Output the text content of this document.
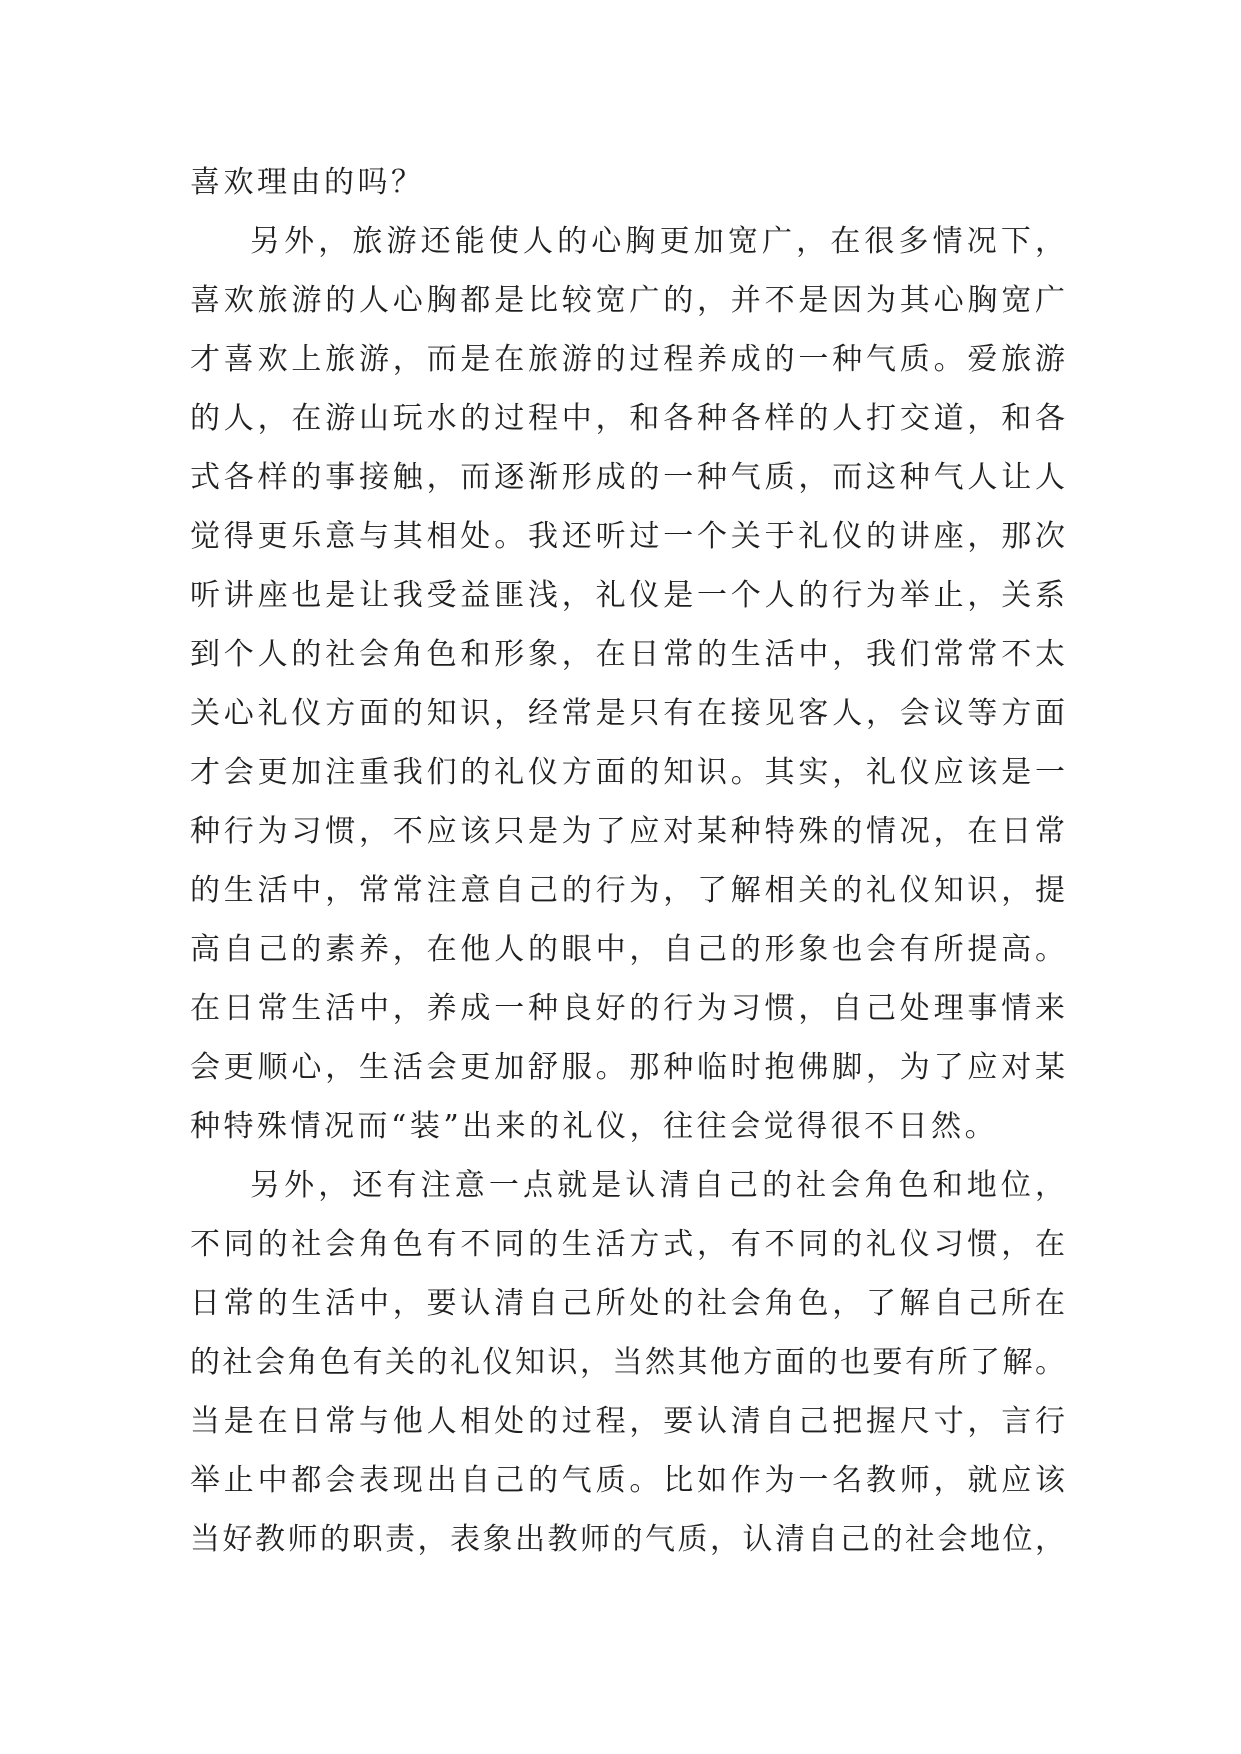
喜欢理由的吗？
另外，旅游还能使人的心胸更加宽广，在很多情况下，
喜欢旅游的人心胸都是比较宽广的，并不是因为其心胸宽广
才喜欢上旅游，而是在旅游的过程养成的一种气质。爱旅游
的人，在游山玩水的过程中，和各种各样的人打交道，和各
式各样的事接触，而逐渐形成的一种气质，而这种气人让人
觉得更乐意与其相处。我还听过一个关于礼仪的讲座，那次
听讲座也是让我受益匪浅，礼仪是一个人的行为举止，关系
到个人的社会角色和形象，在日常的生活中，我们常常不太
关心礼仪方面的知识，经常是只有在接见客人，会议等方面
才会更加注重我们的礼仪方面的知识。其实，礼仪应该是一
种行为习惯，不应该只是为了应对某种特殊的情况，在日常
的生活中，常常注意自己的行为，了解相关的礼仪知识，提
高自己的素养，在他人的眼中，自己的形象也会有所提高。
在日常生活中，养成一种良好的行为习惯，自己处理事情来
会更顺心，生活会更加舒服。那种临时抱佛脚，为了应对某
种特殊情况而“装”出来的礼仪，往往会觉得很不日然。
另外，还有注意一点就是认清自己的社会角色和地位，
不同的社会角色有不同的生活方式，有不同的礼仪习惯，在
日常的生活中，要认清自己所处的社会角色，了解自己所在
的社会角色有关的礼仪知识，当然其他方面的也要有所了解。
当是在日常与他人相处的过程，要认清自己把握尺寸，言行
举止中都会表现出自己的气质。比如作为一名教师，就应该
当好教师的职责，表象出教师的气质，认清自己的社会地位，
